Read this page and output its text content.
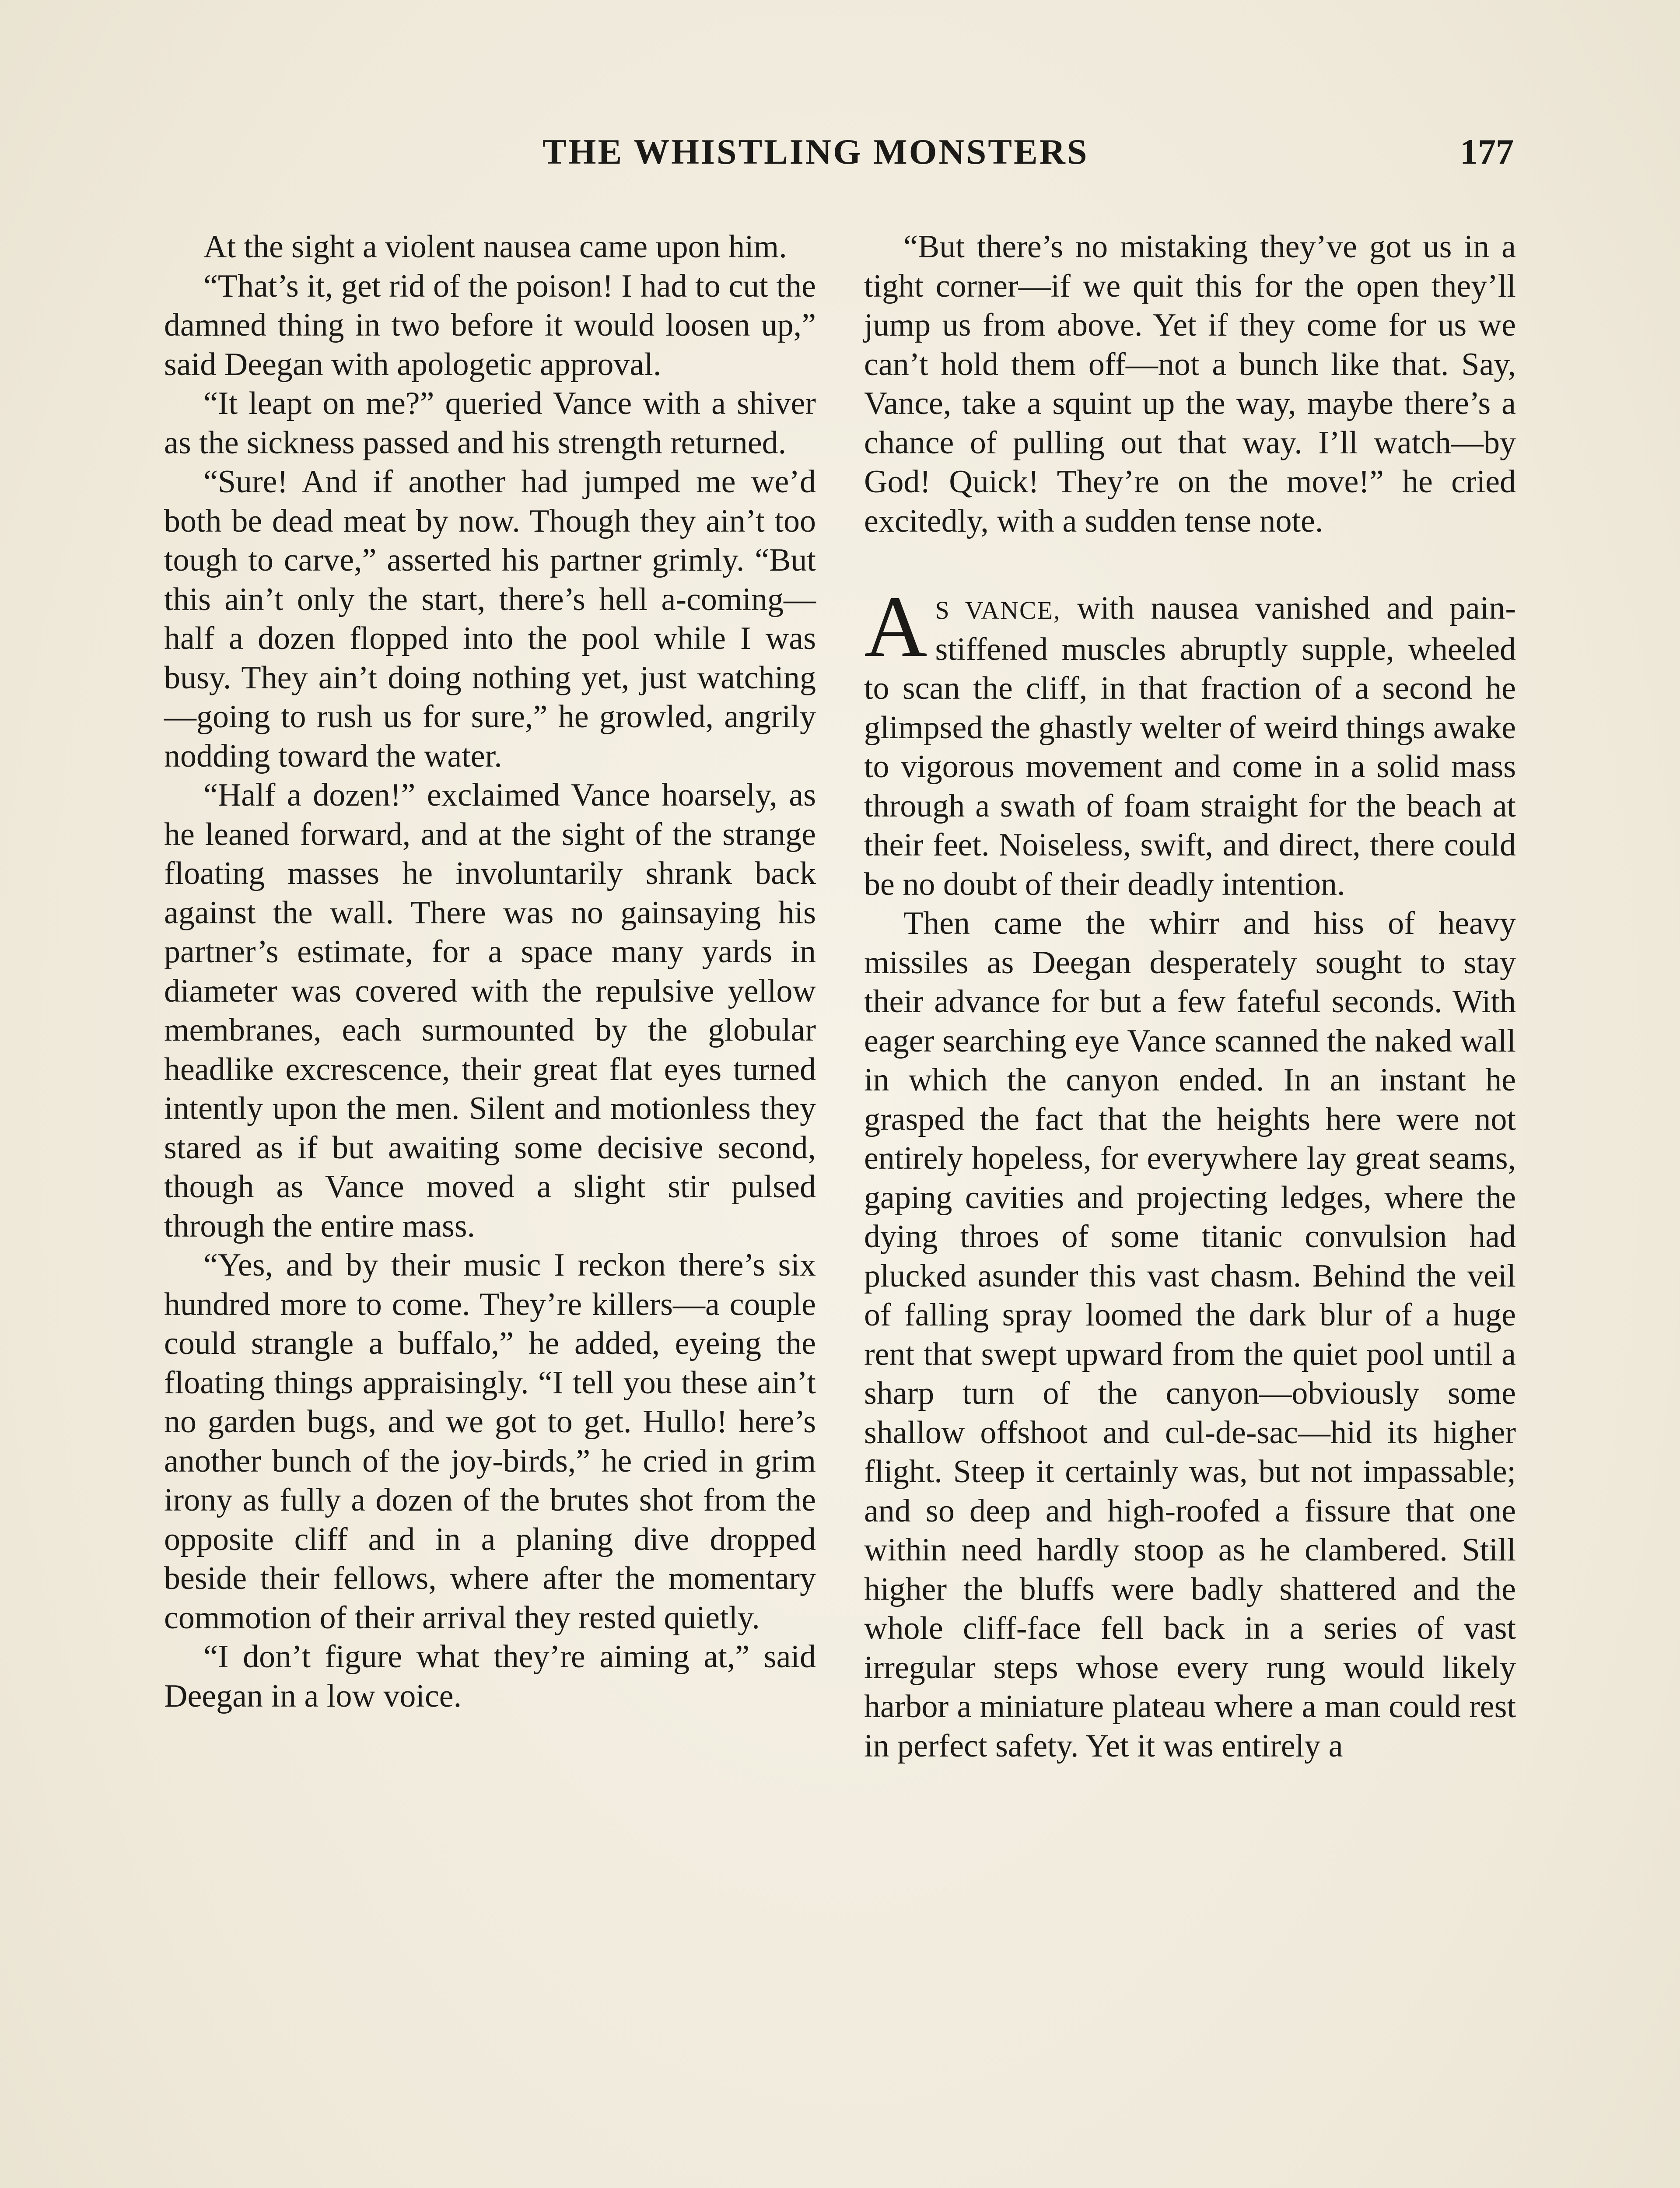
THE WHISTLING MONSTERS	177

At the sight a violent nausea came upon him.

“That’s it, get rid of the poison! I had to cut the damned thing in two before it would loosen up,” said Deegan with apologetic approval.

“It leapt on me?” queried Vance with a shiver as the sickness passed and his strength returned.

“Sure! And if another had jumped me we’d both be dead meat by now. Though they ain’t too tough to carve,” asserted his partner grimly. “But this ain’t only the start, there’s hell a-coming—half a dozen flopped into the pool while I was busy. They ain’t doing nothing yet, just watching—going to rush us for sure,” he growled, angrily nodding toward the water.

“Half a dozen!” exclaimed Vance hoarsely, as he leaned forward, and at the sight of the strange floating masses he involuntarily shrank back against the wall. There was no gainsaying his partner’s estimate, for a space many yards in diameter was covered with the repulsive yellow membranes, each surmounted by the globular headlike excrescence, their great flat eyes turned intently upon the men. Silent and motionless they stared as if but awaiting some decisive second, though as Vance moved a slight stir pulsed through the entire mass.

“Yes, and by their music I reckon there’s six hundred more to come. They’re killers—a couple could strangle a buffalo,” he added, eyeing the floating things appraisingly. “I tell you these ain’t no garden bugs, and we got to get. Hullo! here’s another bunch of the joy-birds,” he cried in grim irony as fully a dozen of the brutes shot from the opposite cliff and in a planing dive dropped beside their fellows, where after the momentary commotion of their arrival they rested quietly.

“I don’t figure what they’re aiming at,” said Deegan in a low voice.

“But there’s no mistaking they’ve got us in a tight corner—if we quit this for the open they’ll jump us from above. Yet if they come for us we can’t hold them off—not a bunch like that. Say, Vance, take a squint up the way, maybe there’s a chance of pulling out that way. I’ll watch—by God! Quick! They’re on the move!” he cried excitedly, with a sudden tense note.

A S VANCE, with nausea vanished and pain-stiffened muscles abruptly supple, wheeled to scan the cliff, in that fraction of a second he glimpsed the ghastly welter of weird things awake to vigorous movement and come in a solid mass through a swath of foam straight for the beach at their feet. Noiseless, swift, and direct, there could be no doubt of their deadly intention.

Then came the whirr and hiss of heavy missiles as Deegan desperately sought to stay their advance for but a few fateful seconds. With eager searching eye Vance scanned the naked wall in which the canyon ended. In an instant he grasped the fact that the heights here were not entirely hopeless, for everywhere lay great seams, gaping cavities and projecting ledges, where the dying throes of some titanic convulsion had plucked asunder this vast chasm. Behind the veil of falling spray loomed the dark blur of a huge rent that swept upward from the quiet pool until a sharp turn of the canyon—obviously some shallow offshoot and cul-de-sac—hid its higher flight. Steep it certainly was, but not impassable; and so deep and high-roofed a fissure that one within need hardly stoop as he clambered. Still higher the bluffs were badly shattered and the whole cliff-face fell back in a series of vast irregular steps whose every rung would likely harbor a miniature plateau where a man could rest in perfect safety. Yet it was entirely a
